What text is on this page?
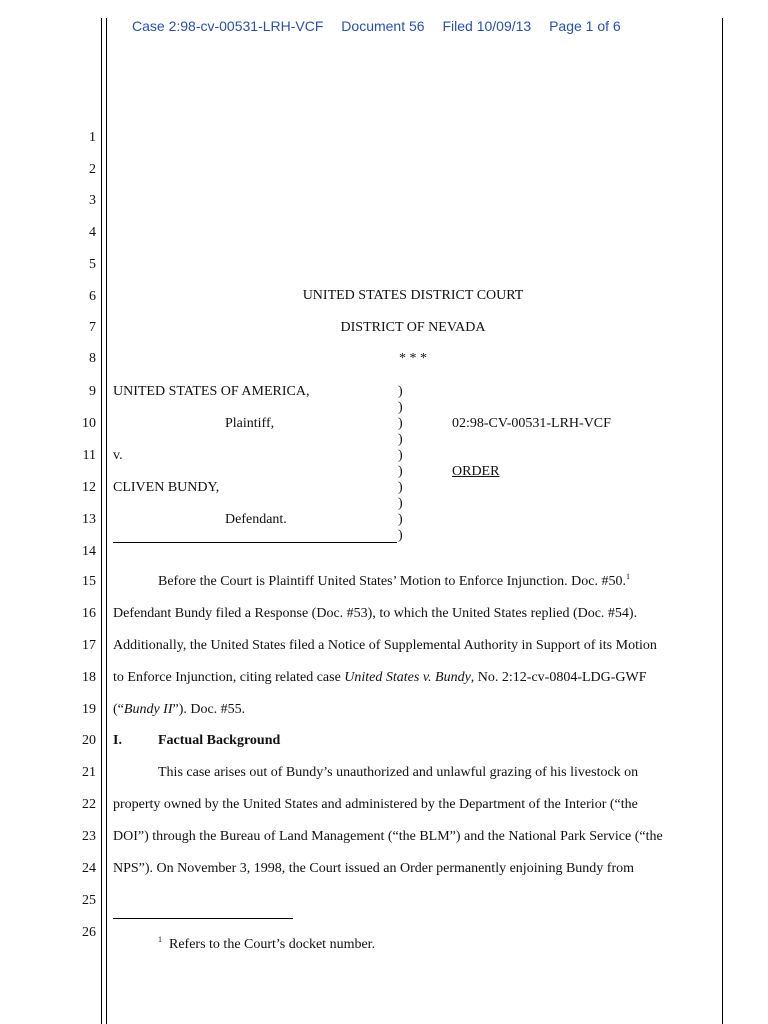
Case 2:98-cv-00531-LRH-VCF Document 56 Filed 10/09/13 Page 1 of 6
1
2
3
4
5
6
7
8
9
10
11
12
13
14
15
16
17
18
19
20
21
22
23
24
25
26
UNITED STATES DISTRICT COURT
DISTRICT OF NEVADA
* * *
UNITED STATES OF AMERICA,
Plaintiff,
v.
CLIVEN BUNDY,
Defendant.
)
)
)
)
)
)
)
)
)
)
02:98-CV-00531-LRH-VCF
ORDER
Before the Court is Plaintiff United States’ Motion to Enforce Injunction. Doc. #50.$^1$
Defendant Bundy filed a Response (Doc. #53), to which the United States replied (Doc. #54).
Additionally, the United States filed a Notice of Supplemental Authority in Support of its Motion
to Enforce Injunction, citing related case United States v. Bundy, No. 2:12-cv-0804-LDG-GWF
(“Bundy II”). Doc. #55.
I.	Factual Background
This case arises out of Bundy’s unauthorized and unlawful grazing of his livestock on
property owned by the United States and administered by the Department of the Interior (“the
DOI”) through the Bureau of Land Management (“the BLM”) and the National Park Service (“the
NPS”). On November 3, 1998, the Court issued an Order permanently enjoining Bundy from
$^1$ Refers to the Court’s docket number.
